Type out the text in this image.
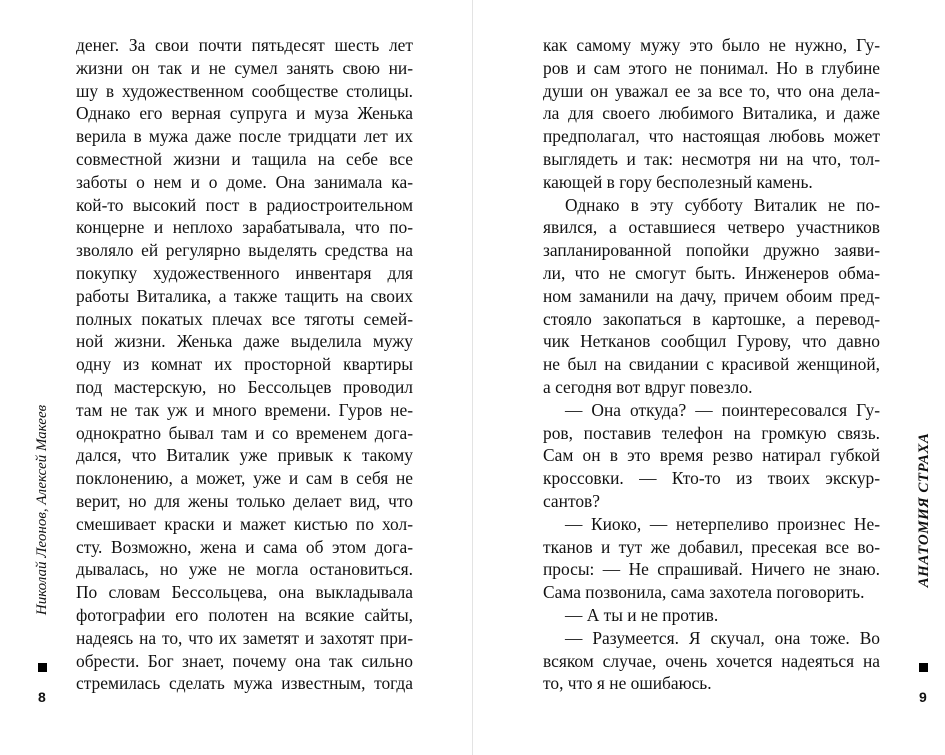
денег. За свои почти пятьдесят шесть лет
жизни он так и не сумел занять свою ни-
шу в художественном сообществе столицы.
Однако его верная супруга и муза Женька
верила в мужа даже после тридцати лет их
совместной жизни и тащила на себе все
заботы о нем и о доме. Она занимала ка-
кой-то высокий пост в радиостроительном
концерне и неплохо зарабатывала, что по-
зволяло ей регулярно выделять средства на
покупку художественного инвентаря для
работы Виталика, а также тащить на своих
полных покатых плечах все тяготы семей-
ной жизни. Женька даже выделила мужу
одну из комнат их просторной квартиры
под мастерскую, но Бессольцев проводил
там не так уж и много времени. Гуров не-
однократно бывал там и со временем дога-
дался, что Виталик уже привык к такому
поклонению, а может, уже и сам в себя не
верит, но для жены только делает вид, что
смешивает краски и мажет кистью по хол-
сту. Возможно, жена и сама об этом дога-
дывалась, но уже не могла остановиться.
По словам Бессольцева, она выкладывала
фотографии его полотен на всякие сайты,
надеясь на то, что их заметят и захотят при-
обрести. Бог знает, почему она так сильно
стремилась сделать мужа известным, тогда
Николай Леонов, Алексей Макеев
8
как самому мужу это было не нужно, Гу-
ров и сам этого не понимал. Но в глубине
души он уважал ее за все то, что она дела-
ла для своего любимого Виталика, и даже
предполагал, что настоящая любовь может
выглядеть и так: несмотря ни на что, тол-
кающей в гору бесполезный камень.
Однако в эту субботу Виталик не по-
явился, а оставшиеся четверо участников
запланированной попойки дружно заяви-
ли, что не смогут быть. Инженеров обма-
ном заманили на дачу, причем обоим пред-
стояло закопаться в картошке, а перевод-
чик Неткaнов сообщил Гурову, что давно
не был на свидании с красивой женщиной,
а сегодня вот вдруг повезло.
— Она откуда? — поинтересовался Гу-
ров, поставив телефон на громкую связь.
Сам он в это время резво натирал губкой
кроссовки. — Кто-то из твоих экскур-
сантов?
— Киоко, — нетерпеливо произнес Не-
тканов и тут же добавил, пресекая все во-
просы: — Не спрашивай. Ничего не знаю.
Сама позвонила, сама захотела поговорить.
— А ты и не против.
— Разумеется. Я скучал, она тоже. Во
всяком случае, очень хочется надеяться на
то, что я не ошибаюсь.
АНАТОМИЯ СТРАХА
9
